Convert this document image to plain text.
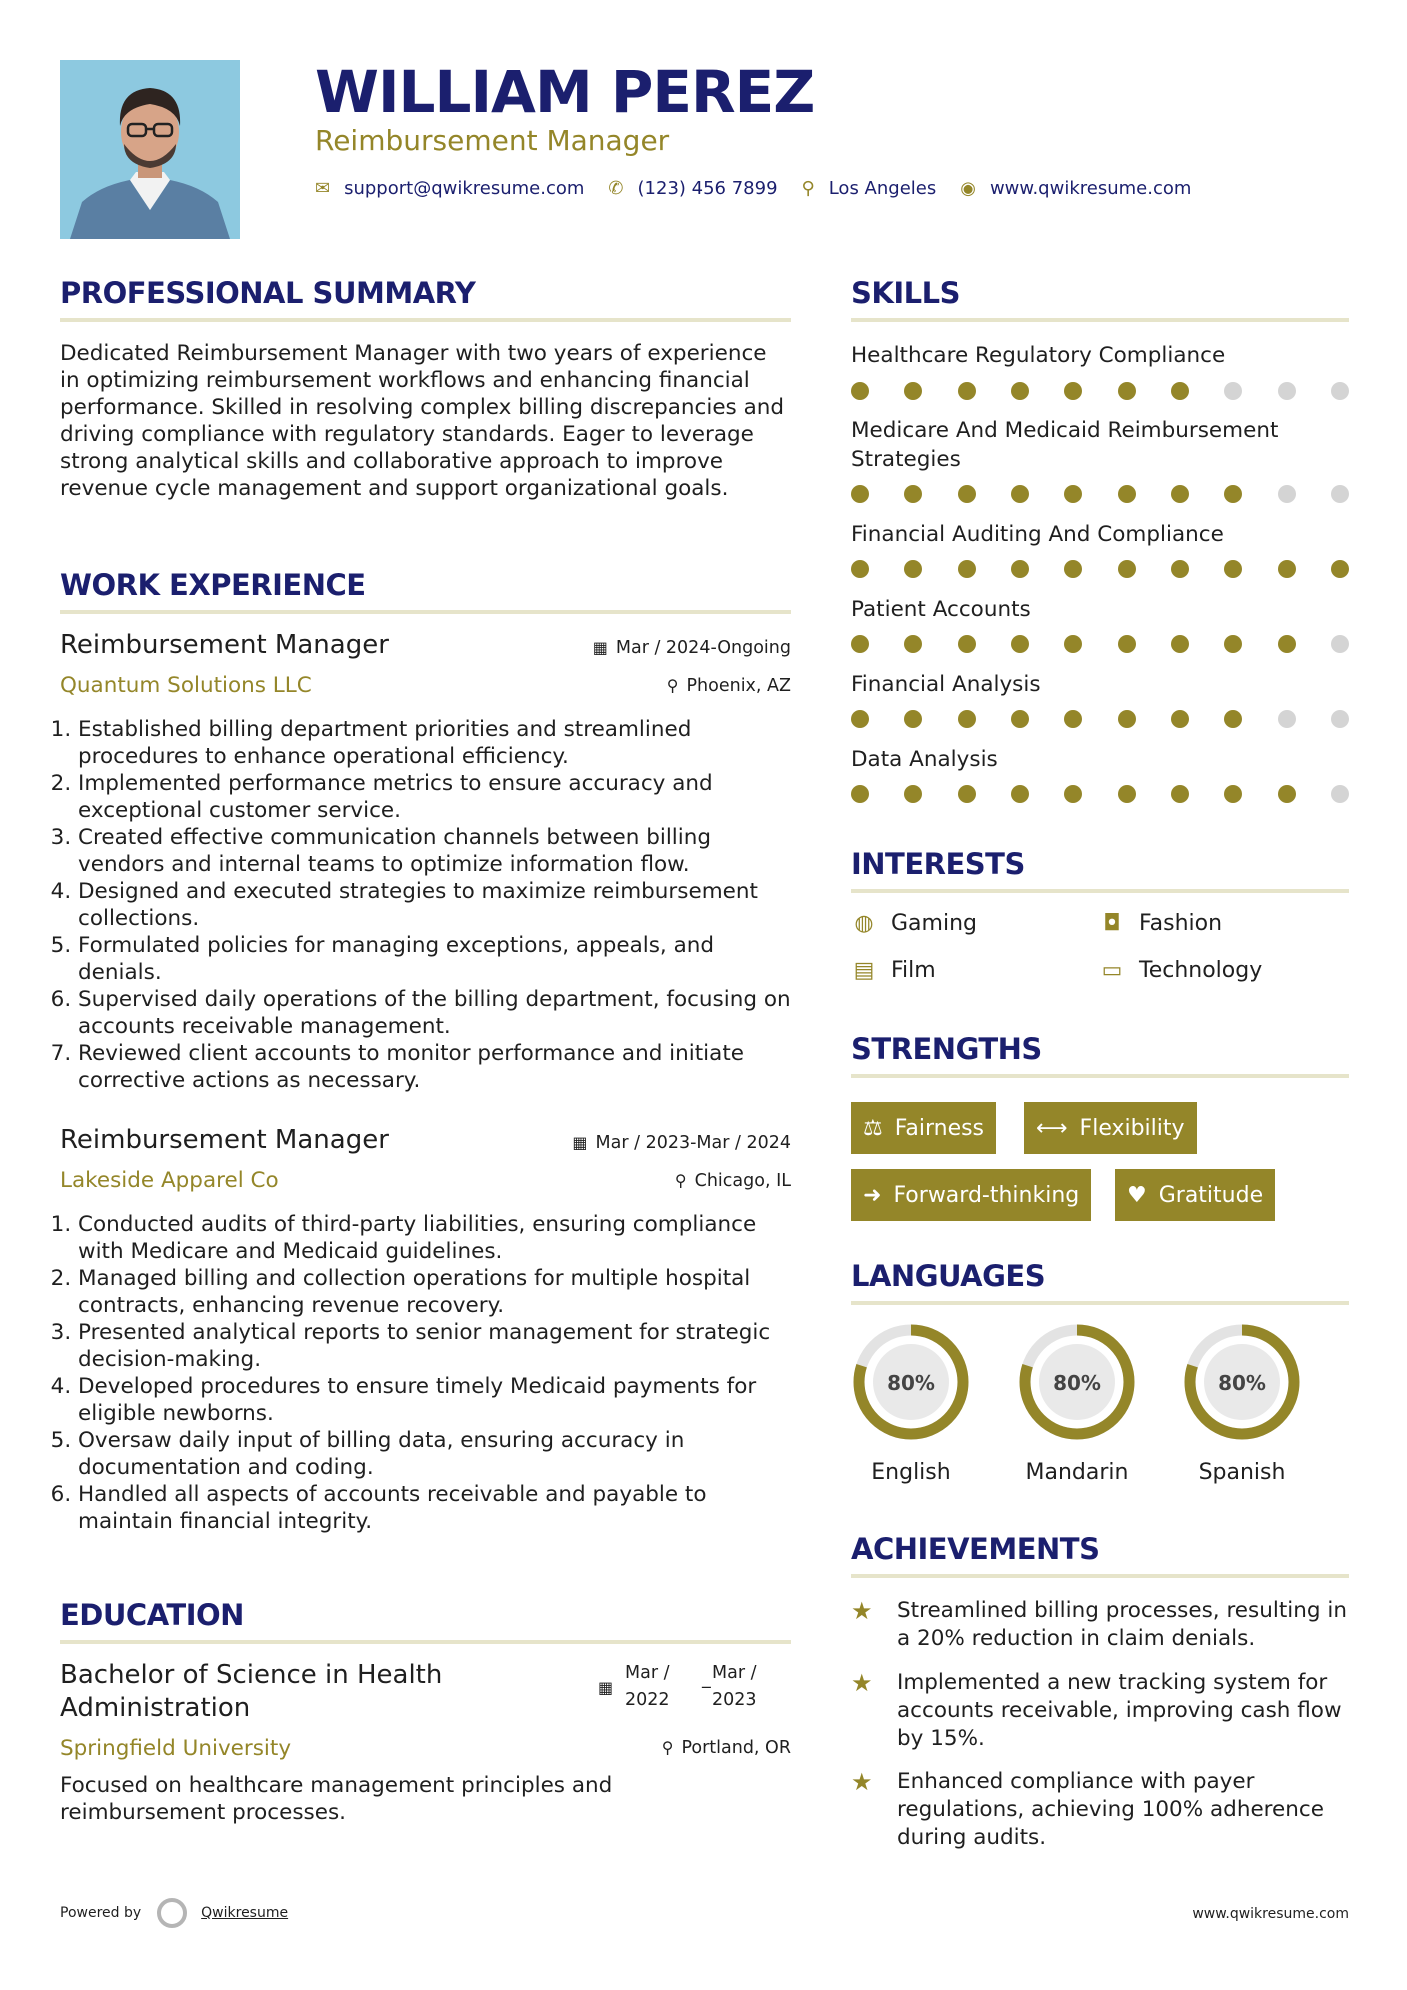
WILLIAM PEREZ
Reimbursement Manager
✉ support@qwikresume.com ✆ (123) 456 7899 ⚲ Los Angeles ◉ www.qwikresume.com
PROFESSIONAL SUMMARY
Dedicated Reimbursement Manager with two years of experience in optimizing reimbursement workflows and enhancing financial performance. Skilled in resolving complex billing discrepancies and driving compliance with regulatory standards. Eager to leverage strong analytical skills and collaborative approach to improve revenue cycle management and support organizational goals.
WORK EXPERIENCE
Reimbursement Manager	▦ Mar / 2024-Ongoing
Quantum Solutions LLC	⚲ Phoenix, AZ
1. Established billing department priorities and streamlined procedures to enhance operational efficiency.
2. Implemented performance metrics to ensure accuracy and exceptional customer service.
3. Created effective communication channels between billing vendors and internal teams to optimize information flow.
4. Designed and executed strategies to maximize reimbursement collections.
5. Formulated policies for managing exceptions, appeals, and denials.
6. Supervised daily operations of the billing department, focusing on accounts receivable management.
7. Reviewed client accounts to monitor performance and initiate corrective actions as necessary.
Reimbursement Manager	▦ Mar / 2023-Mar / 2024
Lakeside Apparel Co	⚲ Chicago, IL
1. Conducted audits of third-party liabilities, ensuring compliance with Medicare and Medicaid guidelines.
2. Managed billing and collection operations for multiple hospital contracts, enhancing revenue recovery.
3. Presented analytical reports to senior management for strategic decision-making.
4. Developed procedures to ensure timely Medicaid payments for eligible newborns.
5. Oversaw daily input of billing data, ensuring accuracy in documentation and coding.
6. Handled all aspects of accounts receivable and payable to maintain financial integrity.
EDUCATION
Bachelor of Science in Health Administration
▦
Mar /
2022
_ Mar /
2023
Springfield University	⚲ Portland, OR
Focused on healthcare management principles and reimbursement processes.
SKILLS
Healthcare Regulatory Compliance
Medicare And Medicaid Reimbursement Strategies
Financial Auditing And Compliance
Patient Accounts
Financial Analysis
Data Analysis
INTERESTS
◍ Gaming	◘ Fashion
▤ Film	▭ Technology
STRENGTHS
⚖ Fairness ⟷ Flexibility
➜ Forward-thinking ♥ Gratitude
LANGUAGES
80%
English
80%
Mandarin
80%
Spanish
ACHIEVEMENTS
★	Streamlined billing processes, resulting in a 20% reduction in claim denials.
★	Implemented a new tracking system for accounts receivable, improving cash flow by 15%.
★	Enhanced compliance with payer regulations, achieving 100% adherence during audits.
Powered by	Qwikresume	www.qwikresume.com
